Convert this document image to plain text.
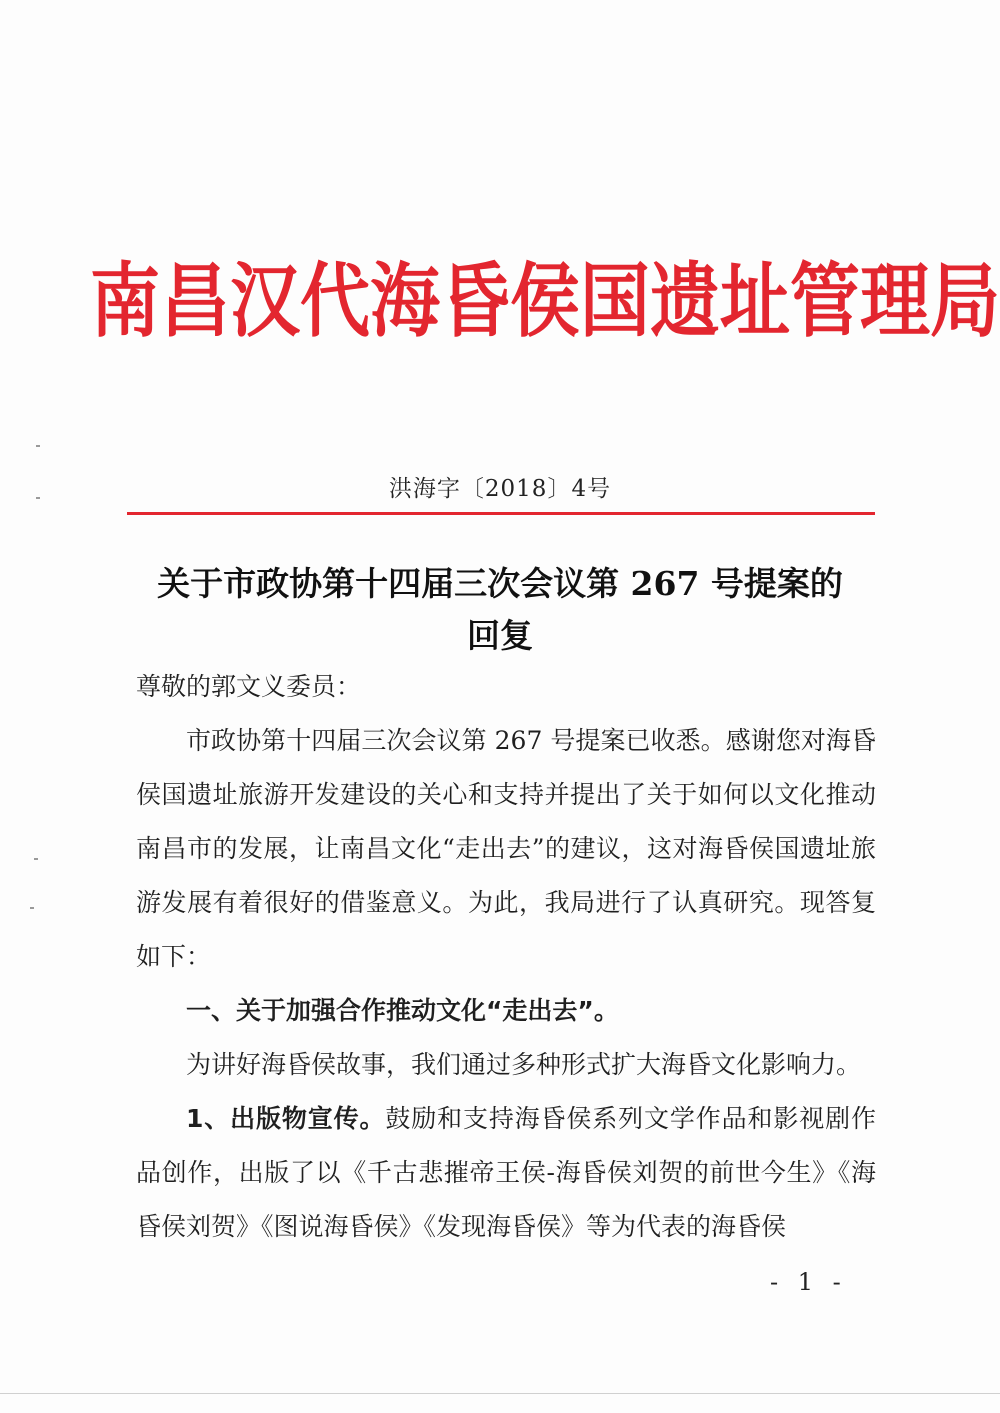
南昌汉代海昏侯国遗址管理局
洪海字〔2018〕4号
关于市政协第十四届三次会议第 267 号提案的
回复

尊敬的郭文义委员：

市政协第十四届三次会议第 267 号提案已收悉。感谢您对海昏侯国遗址旅游开发建设的关心和支持并提出了关于如何以文化推动南昌市的发展，让南昌文化“走出去”的建议，这对海昏侯国遗址旅游发展有着很好的借鉴意义。为此，我局进行了认真研究。现答复如下：

一、关于加强合作推动文化“走出去”。

为讲好海昏侯故事，我们通过多种形式扩大海昏文化影响力。

1、出版物宣传。鼓励和支持海昏侯系列文学作品和影视剧作品创作，出版了以《千古悲摧帝王侯-海昏侯刘贺的前世今生》《海昏侯刘贺》《图说海昏侯》《发现海昏侯》等为代表的海昏侯

- 1 -
